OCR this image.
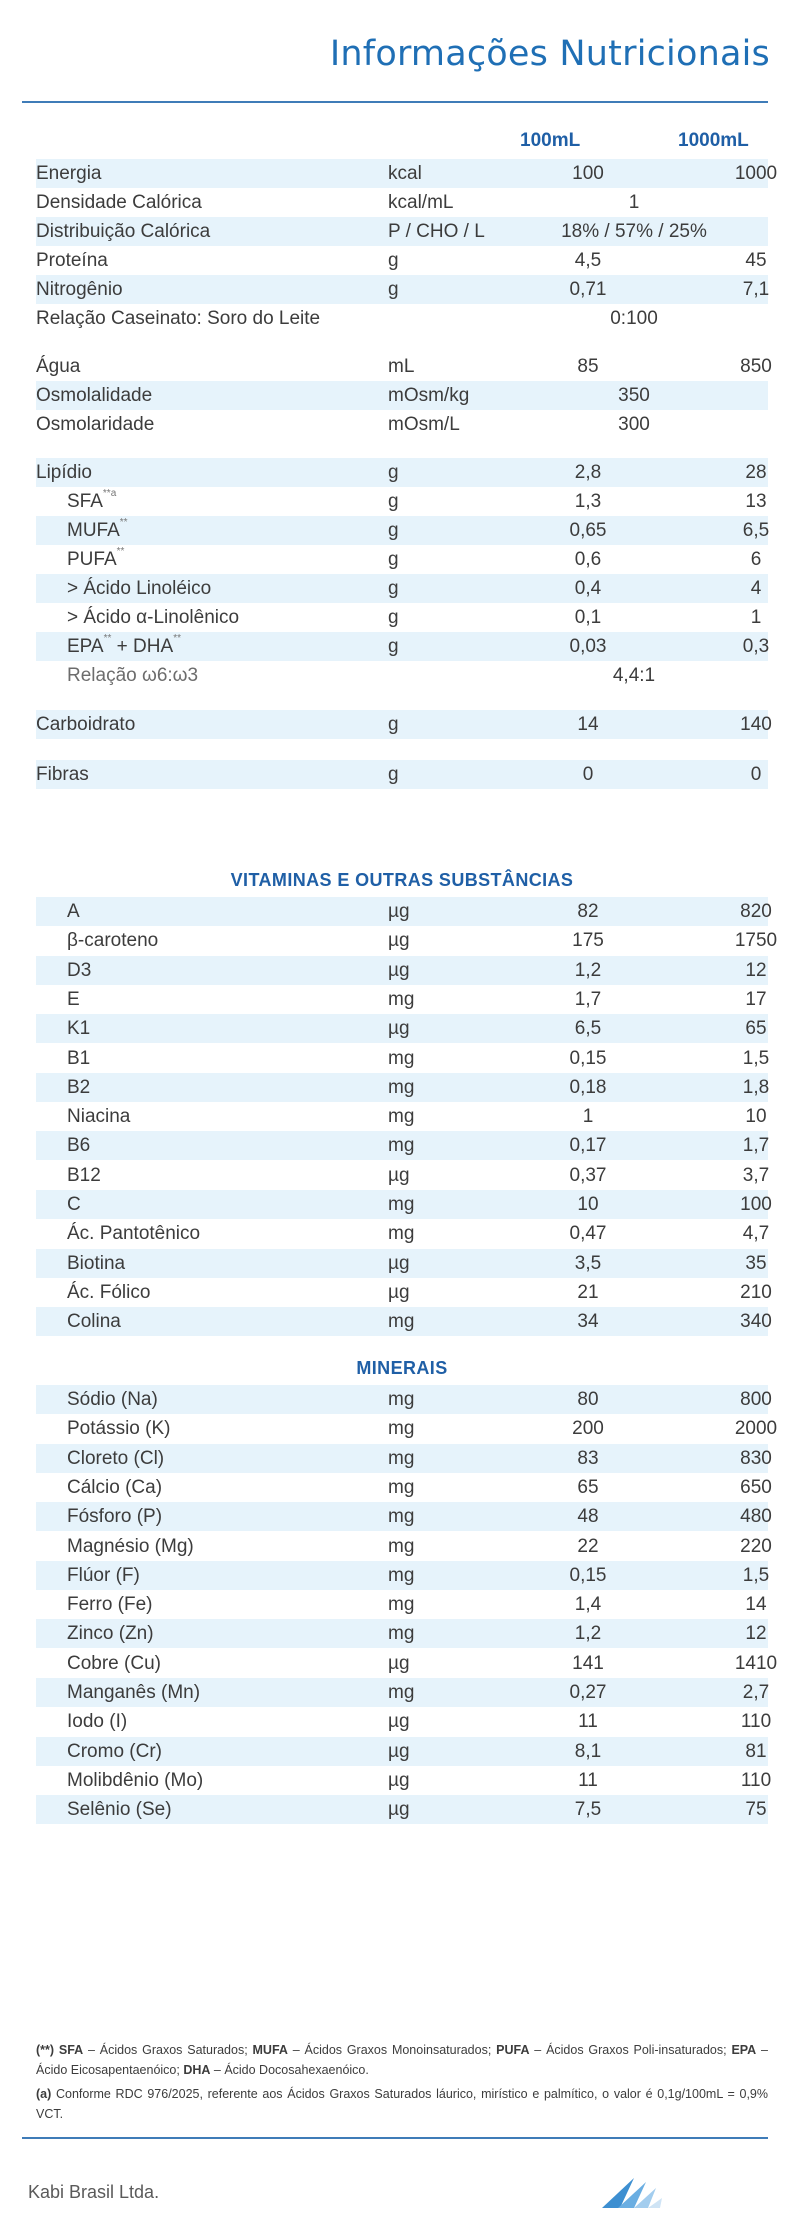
Informações Nutricionais
100mL	1000mL
Energia	kcal	100	1000
Densidade Calórica	kcal/mL	1
Distribuição Calórica	P / CHO / L	18% / 57% / 25%
Proteína	g	4,5	45
Nitrogênio	g	0,71	7,1
Relação Caseinato: Soro do Leite	0:100
Água	mL	85	850
Osmolalidade	mOsm/kg	350
Osmolaridade	mOsm/L	300
Lipídio	g	2,8	28
SFA$^{**a}$	g	1,3	13
MUFA**	g	0,65	6,5
PUFA**	g	0,6	6
> Ácido Linoléico	g	0,4	4
> Ácido α-Linolênico	g	0,1	1
EPA** + DHA**	g	0,03	0,3
Relação ω6:ω3	4,4:1
Carboidrato	g	14	140
Fibras	g	0	0
VITAMINAS E OUTRAS SUBSTÂNCIAS
A	µg	82	820
β-caroteno	µg	175	1750
D3	µg	1,2	12
E	mg	1,7	17
K1	µg	6,5	65
B1	mg	0,15	1,5
B2	mg	0,18	1,8
Niacina	mg	1	10
B6	mg	0,17	1,7
B12	µg	0,37	3,7
C	mg	10	100
Ác. Pantotênico	mg	0,47	4,7
Biotina	µg	3,5	35
Ác. Fólico	µg	21	210
Colina	mg	34	340
MINERAIS
Sódio (Na)	mg	80	800
Potássio (K)	mg	200	2000
Cloreto (Cl)	mg	83	830
Cálcio (Ca)	mg	65	650
Fósforo (P)	mg	48	480
Magnésio (Mg)	mg	22	220
Flúor (F)	mg	0,15	1,5
Ferro (Fe)	mg	1,4	14
Zinco (Zn)	mg	1,2	12
Cobre (Cu)	µg	141	1410
Manganês (Mn)	mg	0,27	2,7
Iodo (I)	µg	11	110
Cromo (Cr)	µg	8,1	81
Molibdênio (Mo)	µg	11	110
Selênio (Se)	µg	7,5	75
(**) SFA – Ácidos Graxos Saturados; MUFA – Ácidos Graxos Monoinsaturados; PUFA – Ácidos Graxos Poli-insaturados; EPA – Ácido Eicosapentaenóico; DHA – Ácido Docosahexaenóico.
(a) Conforme RDC 976/2025, referente aos Ácidos Graxos Saturados láurico, mirístico e palmítico, o valor é 0,1g/100mL = 0,9% VCT.
Kabi Brasil Ltda.
